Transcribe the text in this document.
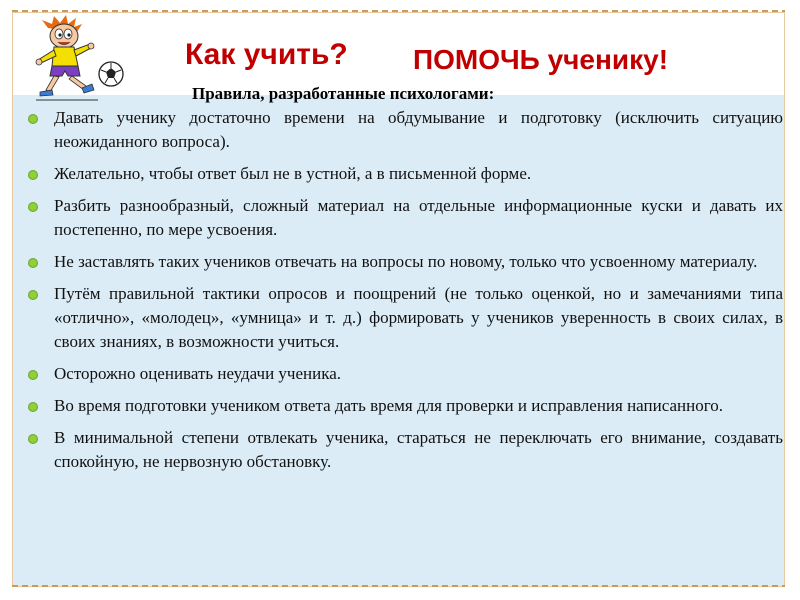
Как учить? ПОМОЧЬ ученику!
Правила, разработанные психологами:
Давать ученику достаточно времени на обдумывание и подготовку (исключить ситуацию неожиданного вопроса).
Желательно, чтобы ответ был не в устной, а в письменной форме.
Разбить разнообразный, сложный материал на отдельные информационные куски и давать их постепенно, по мере усвоения.
Не заставлять таких учеников отвечать на вопросы по новому, только что усвоенному материалу.
Путём правильной тактики опросов и поощрений (не только оценкой, но и замечаниями типа «отлично», «молодец», «умница» и т. д.) формировать у учеников уверенность в своих силах, в своих знаниях, в возможности учиться.
Осторожно оценивать неудачи ученика.
Во время подготовки учеником ответа дать время для проверки и исправления написанного.
В минимальной степени отвлекать ученика, стараться не переключать его внимание, создавать спокойную, не нервозную обстановку.
